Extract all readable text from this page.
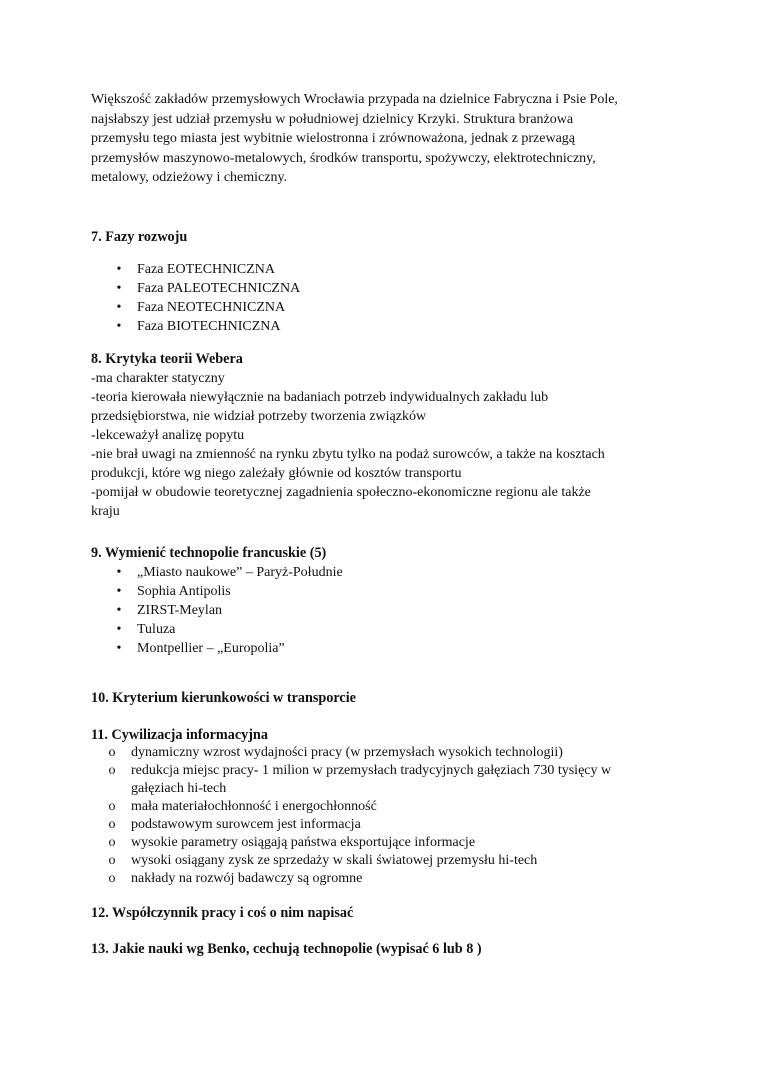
Większość zakładów przemysłowych Wrocławia przypada na dzielnice Fabryczna i Psie Pole,
najsłabszy jest udział przemysłu w południowej dzielnicy Krzyki. Struktura branżowa
przemysłu tego miasta jest wybitnie wielostronna i zrównoważona, jednak z przewagą
przemysłów maszynowo-metalowych, środków transportu, spożywczy, elektrotechniczny,
metalowy, odzieżowy i chemiczny.
7. Fazy rozwoju
• Faza EOTECHNICZNA
• Faza PALEOTECHNICZNA
• Faza NEOTECHNICZNA
• Faza BIOTECHNICZNA
8. Krytyka teorii Webera
-ma charakter statyczny
-teoria kierowała niewyłącznie na badaniach potrzeb indywidualnych zakładu lub
przedsiębiorstwa, nie widział potrzeby tworzenia związków
-lekceważył analizę popytu
-nie brał uwagi na zmienność na rynku zbytu tylko na podaż surowców, a także na kosztach
produkcji, które wg niego zależały głównie od kosztów transportu
-pomijał w obudowie teoretycznej zagadnienia społeczno-ekonomiczne regionu ale także
kraju
9. Wymienić technopolie francuskie (5)
• „Miasto naukowe” – Paryż-Południe
• Sophia Antipolis
• ZIRST-Meylan
• Tuluza
• Montpellier – „Europolia”
10. Kryterium kierunkowości w transporcie
11. Cywilizacja informacyjna
o dynamiczny wzrost wydajności pracy (w przemysłach wysokich technologii)
o redukcja miejsc pracy- 1 milion w przemysłach tradycyjnych gałęziach 730 tysięcy w
gałęziach hi-tech
o mała materiałochłonność i energochłonność
o podstawowym surowcem jest informacja
o wysokie parametry osiągają państwa eksportujące informacje
o wysoki osiągany zysk ze sprzedaży w skali światowej przemysłu hi-tech
o nakłady na rozwój badawczy są ogromne
12. Współczynnik pracy i coś o nim napisać
13. Jakie nauki wg Benko, cechują technopolie (wypisać 6 lub 8 )
